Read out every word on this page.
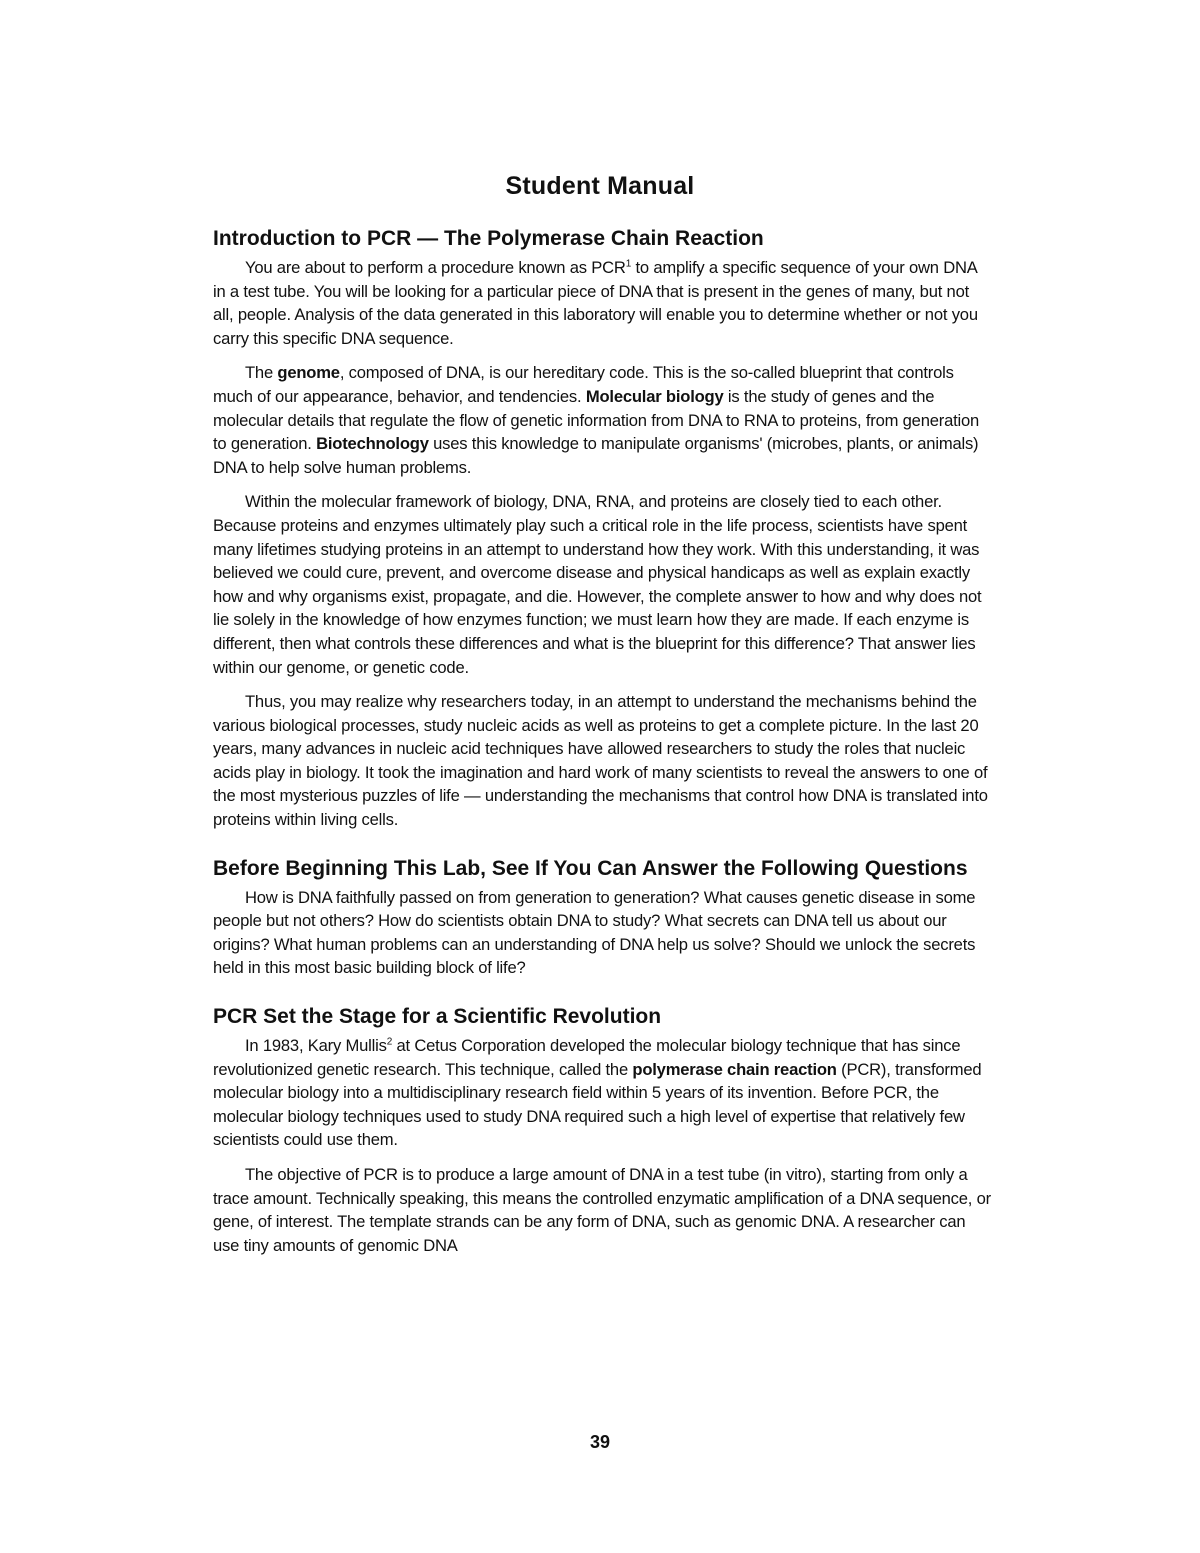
Student Manual
Introduction to PCR — The Polymerase Chain Reaction

You are about to perform a procedure known as PCR$^1$ to amplify a specific sequence of your own DNA in a test tube. You will be looking for a particular piece of DNA that is present in the genes of many, but not all, people. Analysis of the data generated in this laboratory will enable you to determine whether or not you carry this specific DNA sequence.

The genome, composed of DNA, is our hereditary code. This is the so-called blueprint that controls much of our appearance, behavior, and tendencies. Molecular biology is the study of genes and the molecular details that regulate the flow of genetic information from DNA to RNA to proteins, from generation to generation. Biotechnology uses this knowledge to manipulate organisms' (microbes, plants, or animals) DNA to help solve human problems.

Within the molecular framework of biology, DNA, RNA, and proteins are closely tied to each other. Because proteins and enzymes ultimately play such a critical role in the life process, scientists have spent many lifetimes studying proteins in an attempt to understand how they work. With this understanding, it was believed we could cure, prevent, and overcome disease and physical handicaps as well as explain exactly how and why organisms exist, propagate, and die. However, the complete answer to how and why does not lie solely in the knowledge of how enzymes function; we must learn how they are made. If each enzyme is different, then what controls these differences and what is the blueprint for this difference? That answer lies within our genome, or genetic code.

Thus, you may realize why researchers today, in an attempt to understand the mechanisms behind the various biological processes, study nucleic acids as well as proteins to get a complete picture. In the last 20 years, many advances in nucleic acid techniques have allowed researchers to study the roles that nucleic acids play in biology. It took the imagination and hard work of many scientists to reveal the answers to one of the most mysterious puzzles of life — understanding the mechanisms that control how DNA is translated into proteins within living cells.

Before Beginning This Lab, See If You Can Answer the Following Questions

How is DNA faithfully passed on from generation to generation? What causes genetic disease in some people but not others? How do scientists obtain DNA to study? What secrets can DNA tell us about our origins? What human problems can an understanding of DNA help us solve? Should we unlock the secrets held in this most basic building block of life?

PCR Set the Stage for a Scientific Revolution

In 1983, Kary Mullis$^2$ at Cetus Corporation developed the molecular biology technique that has since revolutionized genetic research. This technique, called the polymerase chain reaction (PCR), transformed molecular biology into a multidisciplinary research field within 5 years of its invention. Before PCR, the molecular biology techniques used to study DNA required such a high level of expertise that relatively few scientists could use them.

The objective of PCR is to produce a large amount of DNA in a test tube (in vitro), starting from only a trace amount. Technically speaking, this means the controlled enzymatic amplification of a DNA sequence, or gene, of interest. The template strands can be any form of DNA, such as genomic DNA. A researcher can use tiny amounts of genomic DNA

39
